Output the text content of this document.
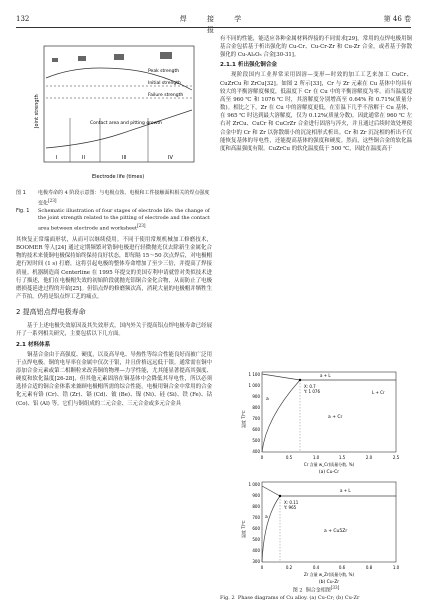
132	焊 接 学 报
第 46 卷
Peak strength
Initial strength
Failure strength
Contact area and pitting growth
Joint strength
Electrode life (times)
I	II	III	IV
图 1	电极寿命的 4 阶段示意图：与电极点蚀、电极和工件接触面积相关的焊点强度变化[23]
Fig. 1	Schematic illustration of four stages of electrode life: the change of the joint strength related to the pitting of electrode and the contact area between electrode and worksheet[23]

其恢复正常端面形状，从而可以继续使用。不同于使用常规机械加工修磨技术，BOOMER 等人[24] 通过定期频繁对锆铜电极进行轻微抛光仅去除新生金属化合物的技术来使铜电极保持始终保持良好状态，即每隔 15～50 次点焊后，对电极帽进行短时间 (1 s) 打磨，这将引起电极的整体寿命增加了至少三倍，并提高了焊接质量。机器制造商 Centerline 在 1995 年提交的美国专利申请就曾对类似技术进行了描述，他们在电极帽失效的初始阶段就抛光铝铜合金化合物，从而防止了电极磨损蔓延进过程的开始[25]。但铝点焊的修磨频次高，消耗大量的电极帽并牺牲生产节拍，仍将是铝点焊工艺的痛点。

2 提高铝点焊电极寿命

基于上述电极失效原因及其失效形式，国内外关于提高铝点焊电极寿命已经展开了一系列相关研究，主要包括以下几方面。

2.1 材料体系

铜基合金由于高强度、硬度，以及高导电、导热性等综合性能良好而被广泛用于点焊电极。铜的电导率在金属中仅次于银，并且价格远远低于银。通常需在铜中添加合金元素或第二相颗粒来改善铜的物理—力学性能，尤其能显著提高其强度、硬度和软化温度[26-28]，但其他元素固溶在铜基体中会降低其导电性，所以必须选择合适的铜合金体系来兼顾电极帽所需的综合性能。电极用铜合金中常用的合金化元素有铬 (Cr)、锆 (Zr)、镉 (Cd)、铍 (Be)、镍 (Ni)、硅 (Si)、铁 (Fe)、钴 (Co)、铝 (Al) 等。它们与铜组成的二元合金、三元合金或多元合金具

有不同的性能，能适应各种金属材料焊接的不同需求[29]。常用的点焊电极用铜基合金包括基于析出强化的 Cu-Cr、Cu-Cr-Zr 和 Cu-Zr 合金，或者基于弥散强化的 Cu-Al₂O₃ 合金[30-31]。

2.1.1 析出强化铜合金

现阶段国内工业界常采用固溶—变形—时效的加工工艺来加工 CuCr、CuZrCu 和 ZrCu[32]。如图 2 所示[33]，Cr 与 Zr 元素在 Cu 基体中均具有较大的平衡溶解度梯度，低温度下 Cr 在 Cu 中的平衡溶解度为零，而当温度提高至 960 ℃ 和 1076 ℃ 时，其溶解度分别增高至 0.64% 和 0.71%(质量分数)。相比之下，Zr 在 Cu 中的溶解度更低，在室温下几乎不溶解于 Cu 基体，在 965 ℃ 时达到最大溶解度，仅为 0.12%(质量分数)。因此通常在 960 ℃ 左右对 ZrCu、CuCr 和 CuCrZr 合金进行固溶与淬火，并且通过后续时效处理使合金中的 Cr 和 Zr 以弥散细小的沉淀相形式析出。Cr 和 Zr 沉淀相的析出不仅能恢复基体的导电性，还能提高基体的强度和硬度。然而，这些铜合金的软化温度和高温强度有限。CuZrCu 的软化温度低于 500 ℃，因此在温度高于

1 100
1 000
900
800
700
600
500
400
0	0.5	1.0	1.5	2.0	2.5
a + L
L + Cr
X: 0.7
Y: 1 076
a + Cr
a
温度 T/℃
Cr 含量 w_Cr(质量分数, %)
(a) Cu-Cr
1 000
900
800
700
600
500
400
300
0	0.2	0.4	0.6	0.8	1.0
a + L
X: 0.11
Y: 965
a + Cu5Zr
a
温度 T/℃
Zr 含量 w_Zr(质量分数, %)
(b) Cu-Zr
图 2 铜合金相图[33]
Fig. 2 Phase diagrams of Cu alloy. (a) Cu-Cr; (b) Cu-Zr
